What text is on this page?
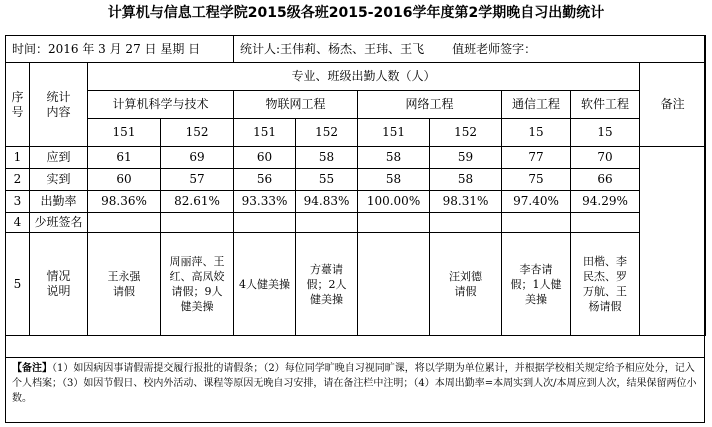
计算机与信息工程学院2015级各班2015-2016学年度第2学期晚自习出勤统计
时间：2016 年 3 月 27 日 星期 日				统计人:王伟莉、杨杰、王玮、王飞 值班老师签字：						
序号	统计内容	专业、班级出勤人数（人）								备注
		计算机科学与技术		物联网工程		网络工程		通信工程	软件工程	
		151	152	151	152	151	152	15	15	
1	应到	61	69	60	58	58	59	77	70	
2	实到	60	57	56	55	58	58	75	66	
3	出勤率	98.36%	82.61%	93.33%	94.83%	100.00%	98.31%	97.40%	94.29%	
4	少班签名									
5	情况说明	王永强请假	周丽萍、王红、高凤姣请假；9人健美操	4人健美操	方薹请假；2人健美操		汪刘德请假	李杏请假；1人健美操	田楷、李民杰、罗万航、王杨请假	
【备注】（1）如因病因事请假需提交履行报批的请假条；（2）每位同学旷晚自习视同旷课，将以学期为单位累计，并根据学校相关规定给予相应处分，记入个人档案；（3）如因节假日、校内外活动、课程等原因无晚自习安排，请在备注栏中注明；（4）本周出勤率=本周实到人次/本周应到人次，结果保留两位小数。
